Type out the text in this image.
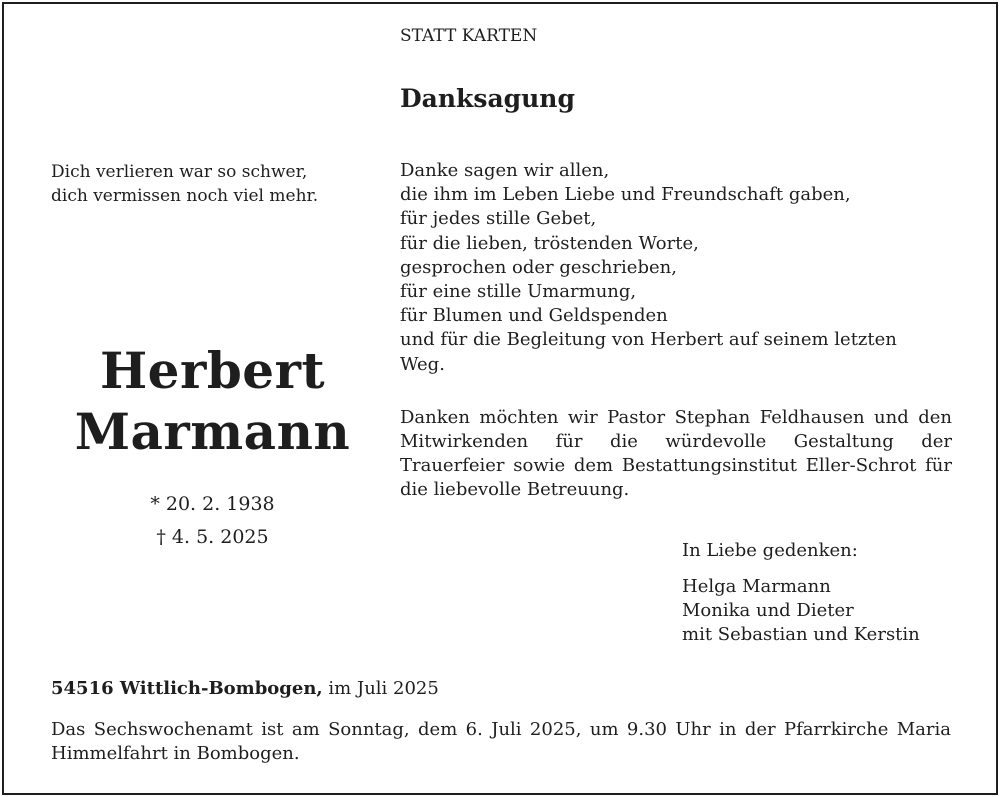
STATT KARTEN
Danksagung
Dich verlieren war so schwer,
dich vermissen noch viel mehr.
Herbert
Marmann
* 20. 2. 1938
† 4. 5. 2025
Danke sagen wir allen,
die ihm im Leben Liebe und Freundschaft gaben,
für jedes stille Gebet,
für die lieben, tröstenden Worte,
gesprochen oder geschrieben,
für eine stille Umarmung,
für Blumen und Geldspenden
und für die Begleitung von Herbert auf seinem letzten
Weg.
Danken möchten wir Pastor Stephan Feldhausen und den Mitwirkenden für die würdevolle Gestaltung der Trauerfeier sowie dem Bestattungsinstitut Eller-Schrot für die liebevolle Betreuung.
In Liebe gedenken:
Helga Marmann
Monika und Dieter
mit Sebastian und Kerstin
54516 Wittlich-Bombogen, im Juli 2025
Das Sechswochenamt ist am Sonntag, dem 6. Juli 2025, um 9.30 Uhr in der Pfarrkirche Maria Himmelfahrt in Bombogen.
